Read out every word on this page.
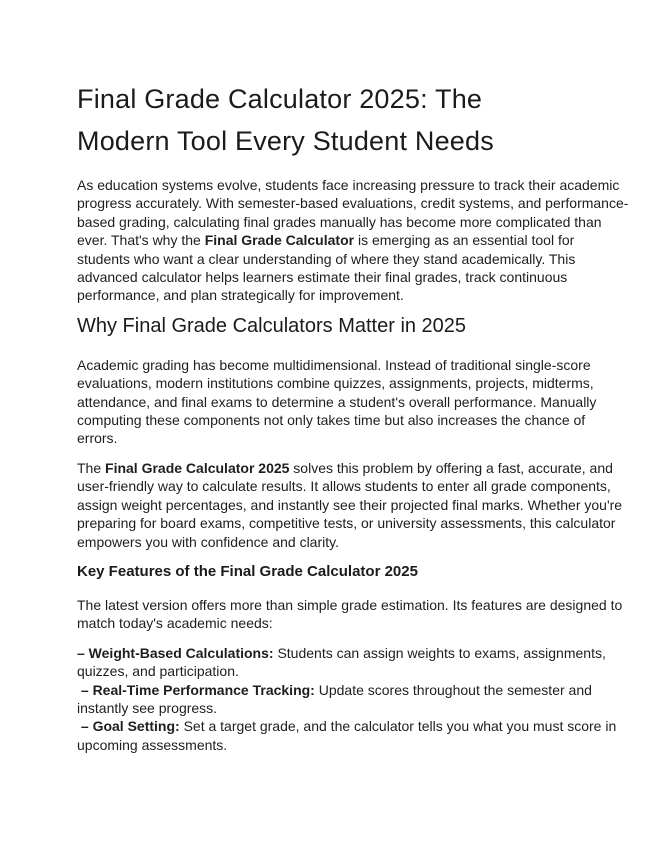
Final Grade Calculator 2025: The
Modern Tool Every Student Needs

As education systems evolve, students face increasing pressure to track their academic progress accurately. With semester-based evaluations, credit systems, and performance-based grading, calculating final grades manually has become more complicated than ever. That's why the Final Grade Calculator is emerging as an essential tool for students who want a clear understanding of where they stand academically. This advanced calculator helps learners estimate their final grades, track continuous performance, and plan strategically for improvement.

Why Final Grade Calculators Matter in 2025

Academic grading has become multidimensional. Instead of traditional single-score evaluations, modern institutions combine quizzes, assignments, projects, midterms, attendance, and final exams to determine a student's overall performance. Manually computing these components not only takes time but also increases the chance of errors.

The Final Grade Calculator 2025 solves this problem by offering a fast, accurate, and user-friendly way to calculate results. It allows students to enter all grade components, assign weight percentages, and instantly see their projected final marks. Whether you're preparing for board exams, competitive tests, or university assessments, this calculator empowers you with confidence and clarity.

Key Features of the Final Grade Calculator 2025

The latest version offers more than simple grade estimation. Its features are designed to match today's academic needs:

– Weight-Based Calculations: Students can assign weights to exams, assignments, quizzes, and participation.
– Real-Time Performance Tracking: Update scores throughout the semester and instantly see progress.
– Goal Setting: Set a target grade, and the calculator tells you what you must score in upcoming assessments.
